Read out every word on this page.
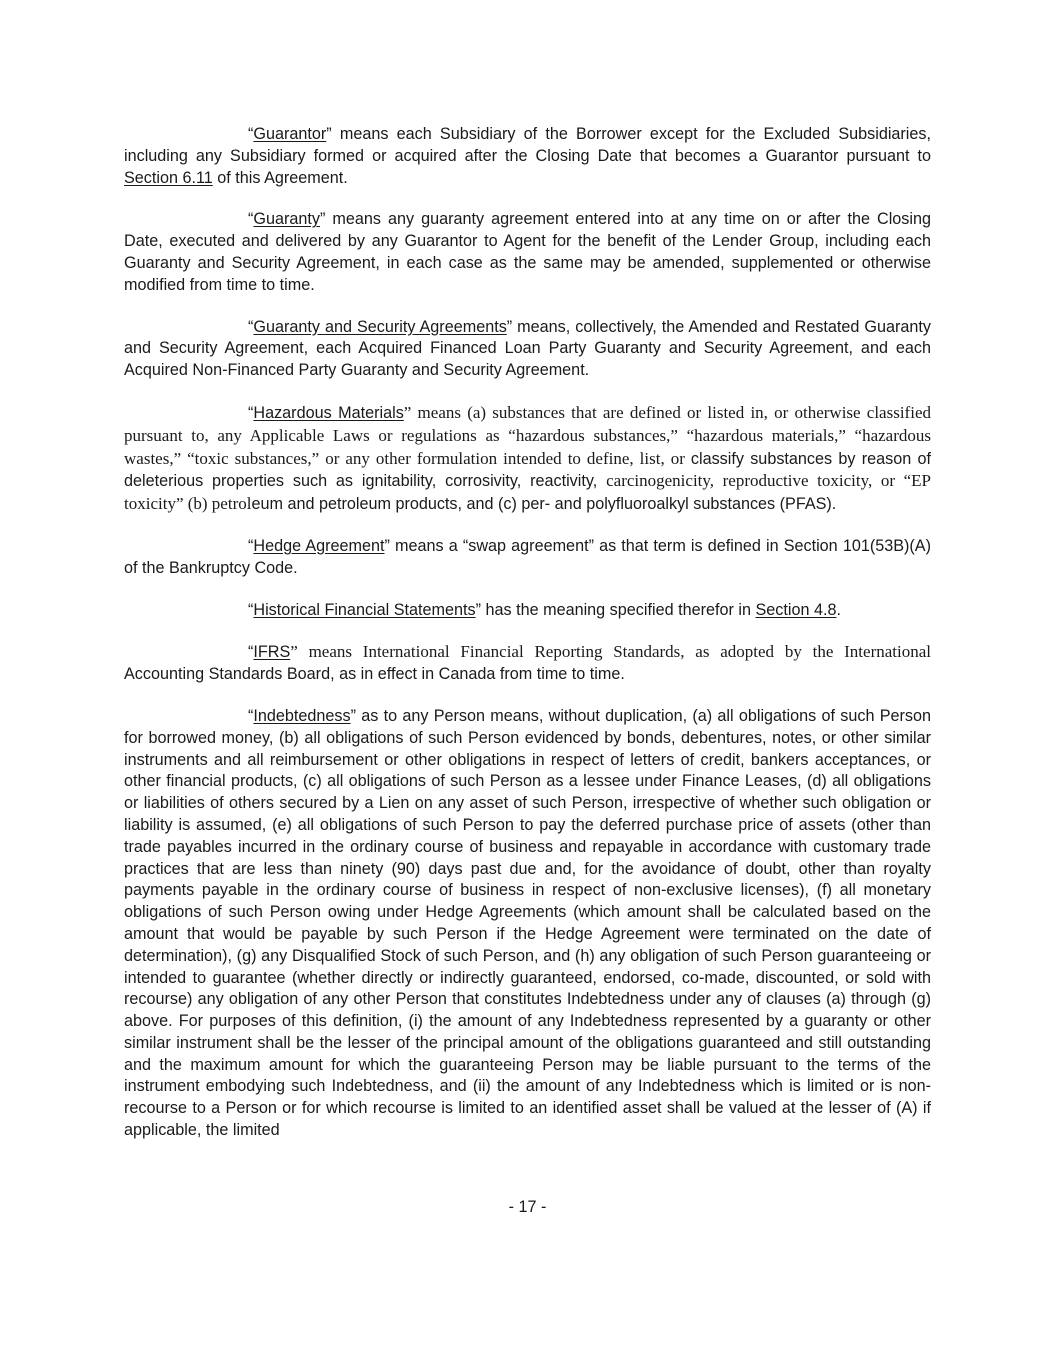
“Guarantor” means each Subsidiary of the Borrower except for the Excluded Subsidiaries, including any Subsidiary formed or acquired after the Closing Date that becomes a Guarantor pursuant to Section 6.11 of this Agreement.

“Guaranty” means any guaranty agreement entered into at any time on or after the Closing Date, executed and delivered by any Guarantor to Agent for the benefit of the Lender Group, including each Guaranty and Security Agreement, in each case as the same may be amended, supplemented or otherwise modified from time to time.

“Guaranty and Security Agreements” means, collectively, the Amended and Restated Guaranty and Security Agreement, each Acquired Financed Loan Party Guaranty and Security Agreement, and each Acquired Non-Financed Party Guaranty and Security Agreement.

“Hazardous Materials” means (a) substances that are defined or listed in, or otherwise classified pursuant to, any Applicable Laws or regulations as “hazardous substances,” “hazardous materials,” “hazardous wastes,” “toxic substances,” or any other formulation intended to define, list, or classify substances by reason of deleterious properties such as ignitability, corrosivity, reactivity, carcinogenicity, reproductive toxicity, or “EP toxicity” (b) petroleum and petroleum products, and (c) per- and polyfluoroalkyl substances (PFAS).

“Hedge Agreement” means a “swap agreement” as that term is defined in Section 101(53B)(A) of the Bankruptcy Code.

“Historical Financial Statements” has the meaning specified therefor in Section 4.8.

“IFRS” means International Financial Reporting Standards, as adopted by the International Accounting Standards Board, as in effect in Canada from time to time.

“Indebtedness” as to any Person means, without duplication, (a) all obligations of such Person for borrowed money, (b) all obligations of such Person evidenced by bonds, debentures, notes, or other similar instruments and all reimbursement or other obligations in respect of letters of credit, bankers acceptances, or other financial products, (c) all obligations of such Person as a lessee under Finance Leases, (d) all obligations or liabilities of others secured by a Lien on any asset of such Person, irrespective of whether such obligation or liability is assumed, (e) all obligations of such Person to pay the deferred purchase price of assets (other than trade payables incurred in the ordinary course of business and repayable in accordance with customary trade practices that are less than ninety (90) days past due and, for the avoidance of doubt, other than royalty payments payable in the ordinary course of business in respect of non-exclusive licenses), (f) all monetary obligations of such Person owing under Hedge Agreements (which amount shall be calculated based on the amount that would be payable by such Person if the Hedge Agreement were terminated on the date of determination), (g) any Disqualified Stock of such Person, and (h) any obligation of such Person guaranteeing or intended to guarantee (whether directly or indirectly guaranteed, endorsed, co-made, discounted, or sold with recourse) any obligation of any other Person that constitutes Indebtedness under any of clauses (a) through (g) above. For purposes of this definition, (i) the amount of any Indebtedness represented by a guaranty or other similar instrument shall be the lesser of the principal amount of the obligations guaranteed and still outstanding and the maximum amount for which the guaranteeing Person may be liable pursuant to the terms of the instrument embodying such Indebtedness, and (ii) the amount of any Indebtedness which is limited or is non-recourse to a Person or for which recourse is limited to an identified asset shall be valued at the lesser of (A) if applicable, the limited

- 17 -
